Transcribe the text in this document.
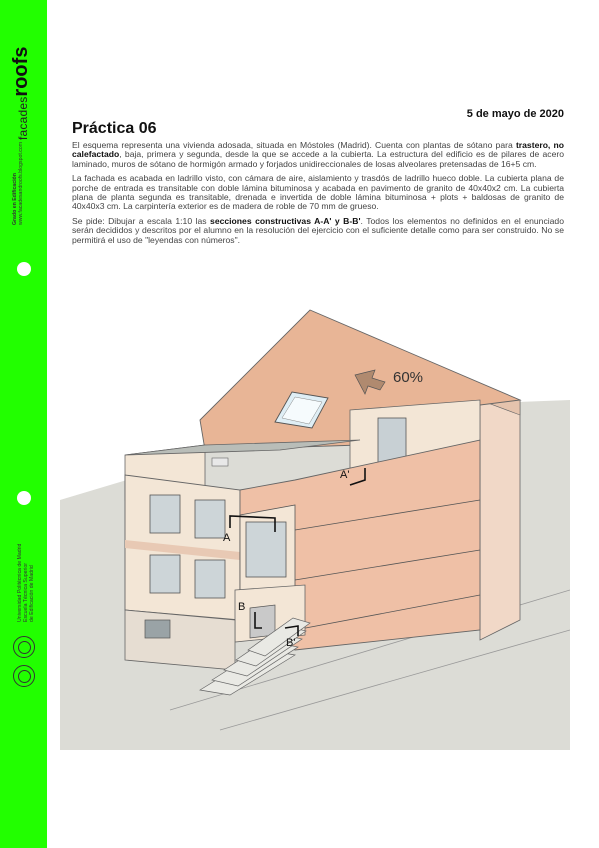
facadesroofs
Grado en Edificación www.facadesandroofs.blogspot.com
Universidad Politécnica de Madrid Escuela Técnica Superior de Edificación de Madrid
5 de mayo de 2020
Práctica 06

El esquema representa una vivienda adosada, situada en Móstoles (Madrid). Cuenta con plantas de sótano para trastero, no calefactado, baja, primera y segunda, desde la que se accede a la cubierta. La estructura del edificio es de pilares de acero laminado, muros de sótano de hormigón armado y forjados unidireccionales de losas alveolares pretensadas de 16+5 cm.

La fachada es acabada en ladrillo visto, con cámara de aire, aislamiento y trasdós de ladrillo hueco doble. La cubierta plana de porche de entrada es transitable con doble lámina bituminosa y acabada en pavimento de granito de 40x40x2 cm. La cubierta plana de planta segunda es transitable, drenada e invertida de doble lámina bituminosa + plots + baldosas de granito de 40x40x3 cm. La carpintería exterior es de madera de roble de 70 mm de grueso.

Se pide: Dibujar a escala 1:10 las secciones constructivas A-A' y B-B'. Todos los elementos no definidos en el enunciado serán decididos y descritos por el alumno en la resolución del ejercicio con el suficiente detalle como para ser construido. No se permitirá el uso de "leyendas con números".

60%
A
A'
B
B'
